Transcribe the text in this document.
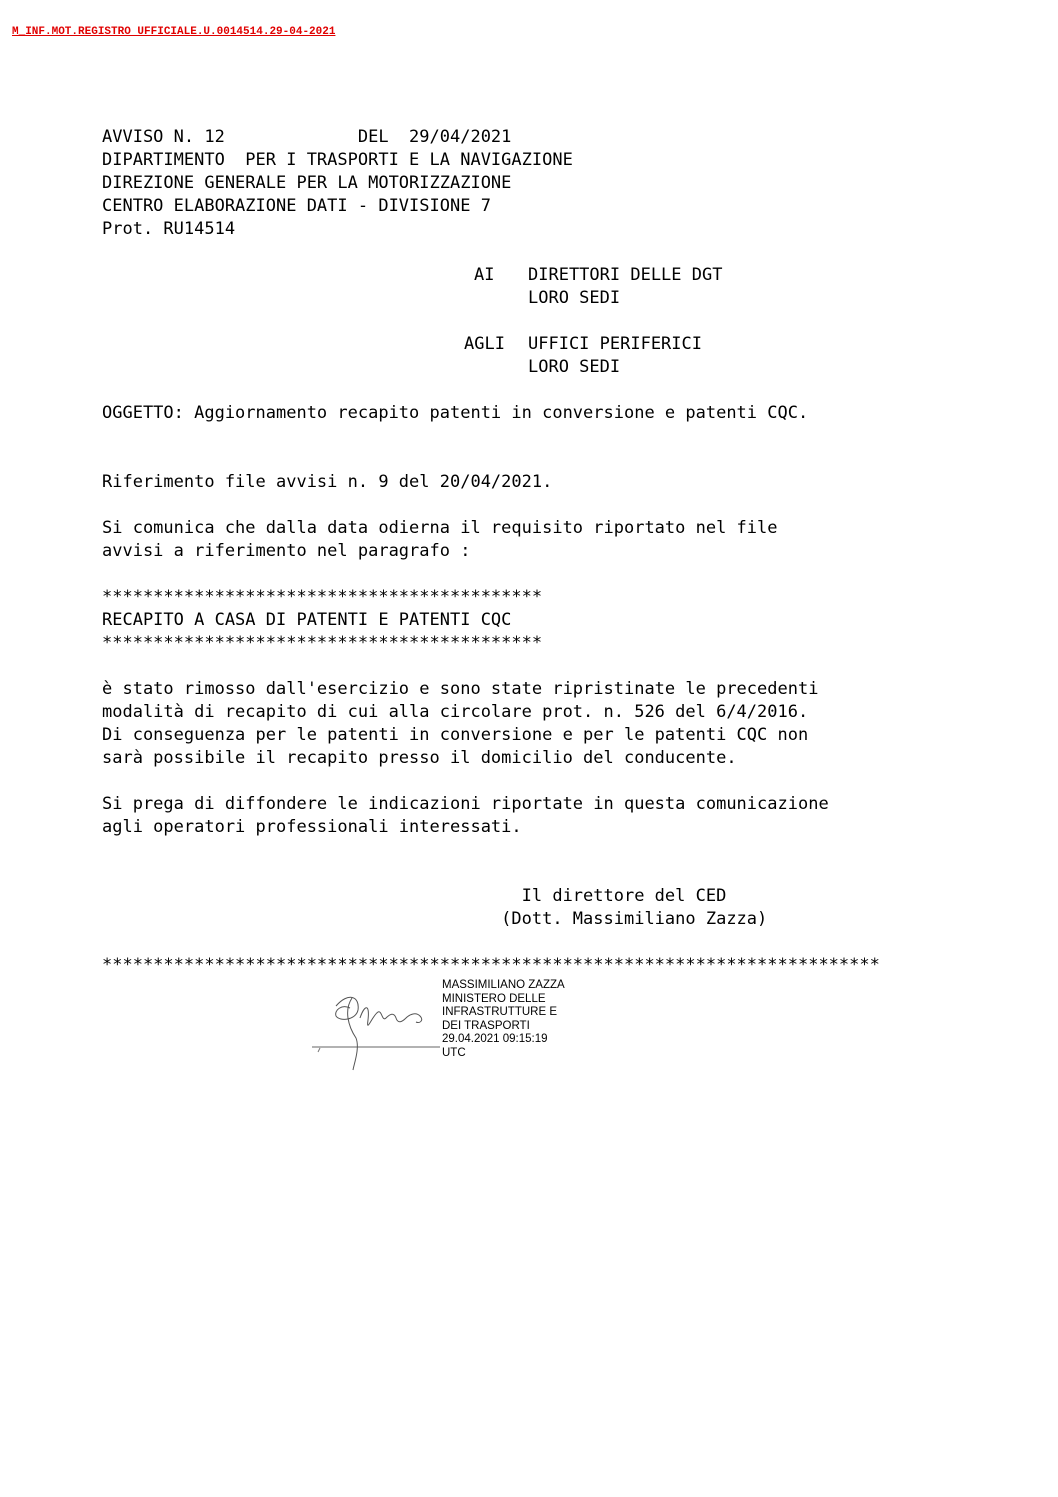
M_INF.MOT.REGISTRO UFFICIALE.U.0014514.29-04-2021
AVVISO N. 12             DEL  29/04/2021
DIPARTIMENTO  PER I TRASPORTI E LA NAVIGAZIONE
DIREZIONE GENERALE PER LA MOTORIZZAZIONE
CENTRO ELABORAZIONE DATI - DIVISIONE 7
Prot. RU14514
AI DIRETTORI DELLE DGT
LORO SEDI
AGLI UFFICI PERIFERICI
LORO SEDI
OGGETTO: Aggiornamento recapito patenti in conversione e patenti CQC.
Riferimento file avvisi n. 9 del 20/04/2021.
Si comunica che dalla data odierna il requisito riportato nel file
avvisi a riferimento nel paragrafo :
*******************************************
RECAPITO A CASA DI PATENTI E PATENTI CQC
*******************************************
è stato rimosso dall'esercizio e sono state ripristinate le precedenti
modalità di recapito di cui alla circolare prot. n. 526 del 6/4/2016.
Di conseguenza per le patenti in conversione e per le patenti CQC non
sarà possibile il recapito presso il domicilio del conducente.
Si prega di diffondere le indicazioni riportate in questa comunicazione
agli operatori professionali interessati.
Il direttore del CED
(Dott. Massimiliano Zazza)
****************************************************************************
MASSIMILIANO ZAZZA
MINISTERO DELLE
INFRASTRUTTURE E
DEI TRASPORTI
29.04.2021 09:15:19
UTC
